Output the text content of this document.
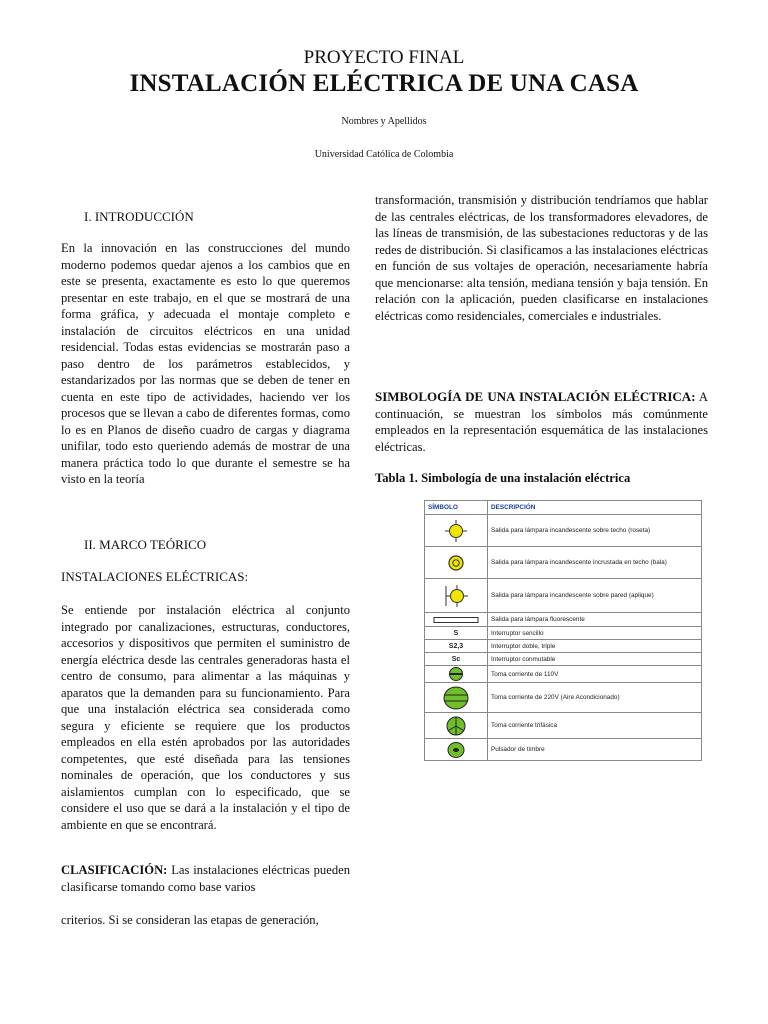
PROYECTO FINAL
INSTALACIÓN ELÉCTRICA DE UNA CASA
Nombres y Apellidos
Universidad Católica de Colombia
I. INTRODUCCIÓN
En la innovación en las construcciones del mundo moderno podemos quedar ajenos a los cambios que en este se presenta, exactamente es esto lo que queremos presentar en este trabajo, en el que se mostrará de una forma gráfica, y adecuada el montaje completo e instalación de circuitos eléctricos en una unidad residencial. Todas estas evidencias se mostrarán paso a paso dentro de los parámetros establecidos, y estandarizados por las normas que se deben de tener en cuenta en este tipo de actividades, haciendo ver los procesos que se llevan a cabo de diferentes formas, como lo es en Planos de diseño cuadro de cargas y diagrama unifilar, todo esto queriendo además de mostrar de una manera práctica todo lo que durante el semestre se ha visto en la teoría
II. MARCO TEÓRICO
INSTALACIONES ELÉCTRICAS:
Se entiende por instalación eléctrica al conjunto integrado por canalizaciones, estructuras, conductores, accesorios y dispositivos que permiten el suministro de energía eléctrica desde las centrales generadoras hasta el centro de consumo, para alimentar a las máquinas y aparatos que la demanden para su funcionamiento. Para que una instalación eléctrica sea considerada como segura y eficiente se requiere que los productos empleados en ella estén aprobados por las autoridades competentes, que esté diseñada para las tensiones nominales de operación, que los conductores y sus aislamientos cumplan con lo especificado, que se considere el uso que se dará a la instalación y el tipo de ambiente en que se encontrará.
CLASIFICACIÓN: Las instalaciones eléctricas pueden clasificarse tomando como base varios
criterios. Si se consideran las etapas de generación,
transformación, transmisión y distribución tendríamos que hablar de las centrales eléctricas, de los transformadores elevadores, de las líneas de transmisión, de las subestaciones reductoras y de las redes de distribución. Si clasificamos a las instalaciones eléctricas en función de sus voltajes de operación, necesariamente habría que mencionarse: alta tensión, mediana tensión y baja tensión. En relación con la aplicación, pueden clasificarse en instalaciones eléctricas como residenciales, comerciales e industriales.
SIMBOLOGÍA DE UNA INSTALACIÓN ELÉCTRICA: A continuación, se muestran los símbolos más comúnmente empleados en la representación esquemática de las instalaciones eléctricas.
Tabla 1. Simbología de una instalación eléctrica
SÍMBOLO	DESCRIPCIÓN

	Salida para lámpara incandescente sobre techo (roseta)

	Salida para lámpara incandescente incrustada en techo (bala)

	Salida para lámpara incandescente sobre pared (aplique)

	Salida para lámpara fluorescente
S	Interruptor sencillo
S2,3	Interruptor doble, triple
Sc	Interruptor conmutable

	Toma corriente de 110V

	Toma corriente de 220V (Aire Acondicionado)

	Toma corriente trifásica

	Pulsador de timbre
